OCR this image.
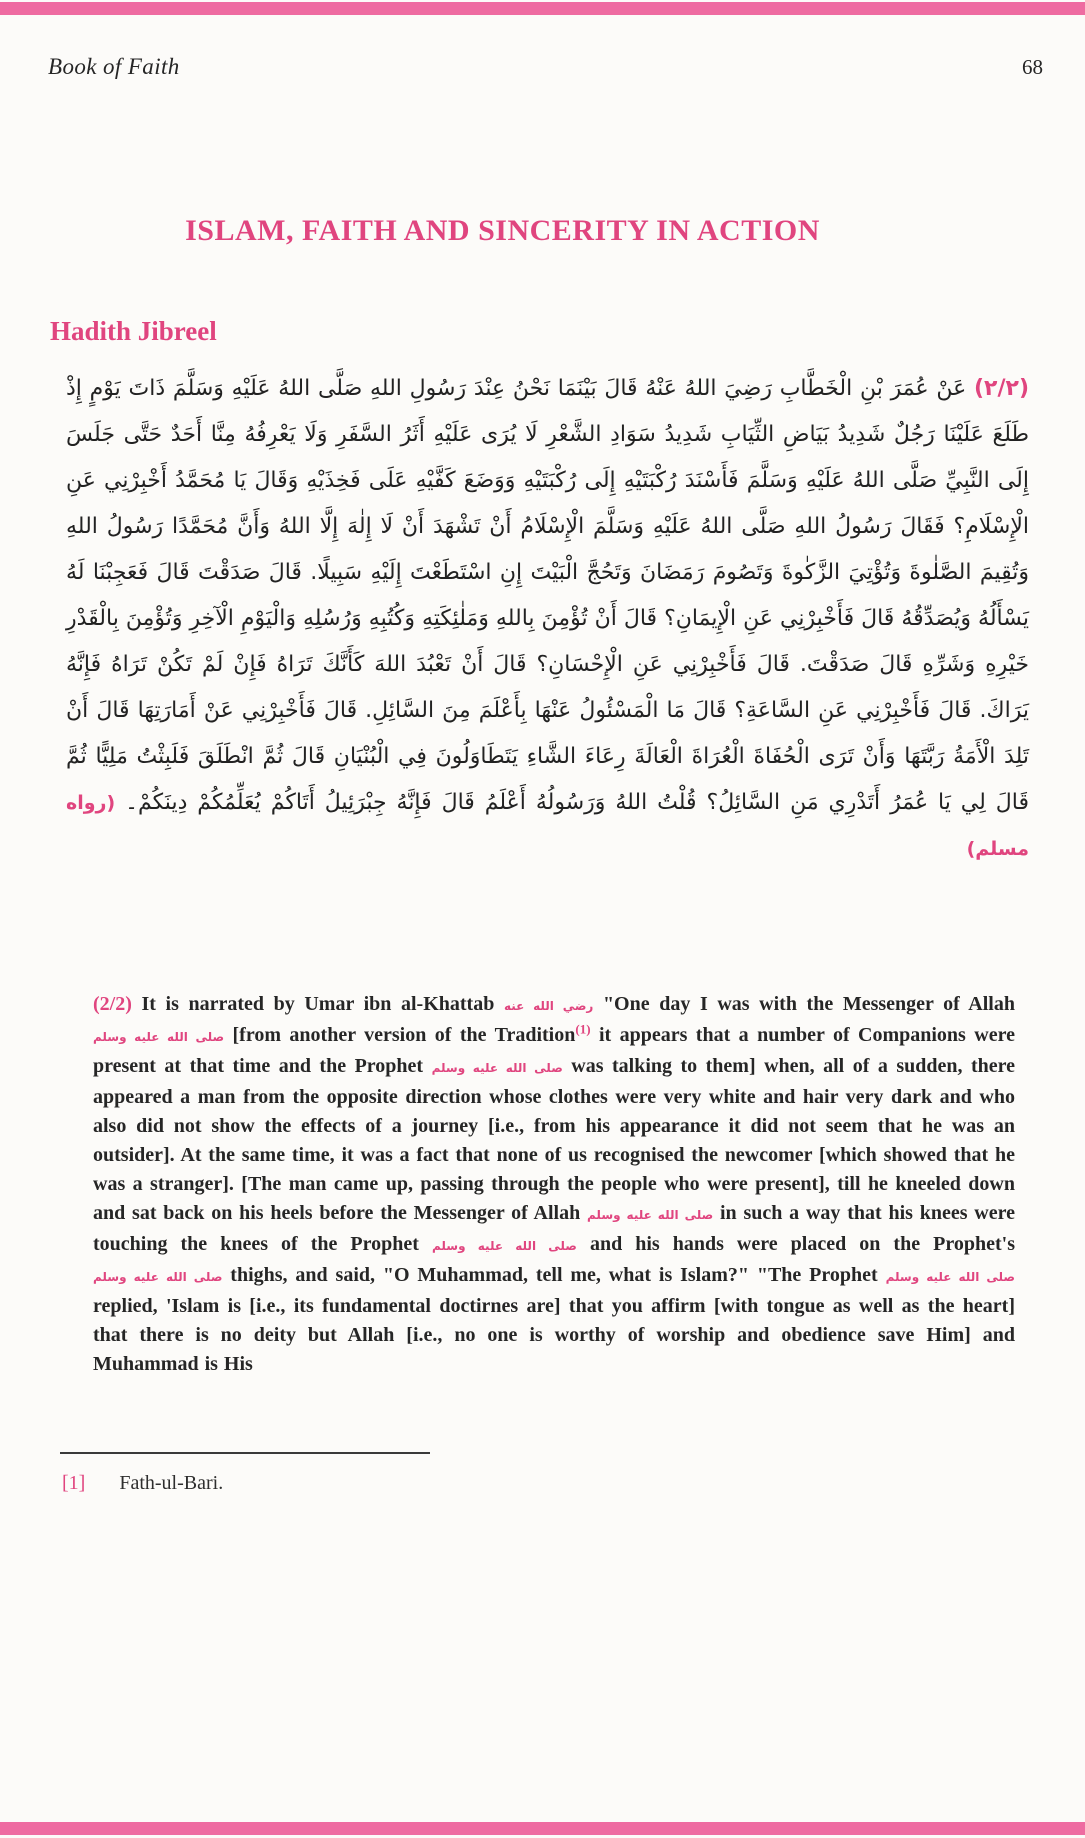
Book of Faith	68
ISLAM, FAITH AND SINCERITY IN ACTION
Hadith Jibreel

(٢/٢) عَنْ عُمَرَ بْنِ الْخَطَّابِ رَضِيَ اللهُ عَنْهُ قَالَ بَيْنَمَا نَحْنُ عِنْدَ رَسُولِ اللهِ صَلَّى اللهُ عَلَيْهِ وَسَلَّمَ ذَاتَ يَوْمٍ إِذْ طَلَعَ عَلَيْنَا رَجُلٌ شَدِيدُ بَيَاضِ الثِّيَابِ شَدِيدُ سَوَادِ الشَّعْرِ لَا يُرَى عَلَيْهِ أَثَرُ السَّفَرِ وَلَا يَعْرِفُهُ مِنَّا أَحَدٌ حَتَّى جَلَسَ إِلَى النَّبِيِّ صَلَّى اللهُ عَلَيْهِ وَسَلَّمَ فَأَسْنَدَ رُكْبَتَيْهِ إِلَى رُكْبَتَيْهِ وَوَضَعَ كَفَّيْهِ عَلَى فَخِذَيْهِ وَقَالَ يَا مُحَمَّدُ أَخْبِرْنِي عَنِ الْإِسْلَامِ؟ فَقَالَ رَسُولُ اللهِ صَلَّى اللهُ عَلَيْهِ وَسَلَّمَ الْإِسْلَامُ أَنْ تَشْهَدَ أَنْ لَا إِلٰهَ إِلَّا اللهُ وَأَنَّ مُحَمَّدًا رَسُولُ اللهِ وَتُقِيمَ الصَّلٰوةَ وَتُؤْتِيَ الزَّكٰوةَ وَتَصُومَ رَمَضَانَ وَتَحُجَّ الْبَيْتَ إِنِ اسْتَطَعْتَ إِلَيْهِ سَبِيلًا. قَالَ صَدَقْتَ قَالَ فَعَجِبْنَا لَهُ يَسْأَلُهُ وَيُصَدِّقُهُ قَالَ فَأَخْبِرْنِي عَنِ الْإِيمَانِ؟ قَالَ أَنْ تُؤْمِنَ بِاللهِ وَمَلٰئِكَتِهِ وَكُتُبِهِ وَرُسُلِهِ وَالْيَوْمِ الْآخِرِ وَتُؤْمِنَ بِالْقَدْرِ خَيْرِهِ وَشَرِّهِ قَالَ صَدَقْتَ. قَالَ فَأَخْبِرْنِي عَنِ الْإِحْسَانِ؟ قَالَ أَنْ تَعْبُدَ اللهَ كَأَنَّكَ تَرَاهُ فَإِنْ لَمْ تَكُنْ تَرَاهُ فَإِنَّهُ يَرَاكَ. قَالَ فَأَخْبِرْنِي عَنِ السَّاعَةِ؟ قَالَ مَا الْمَسْئُولُ عَنْهَا بِأَعْلَمَ مِنَ السَّائِلِ. قَالَ فَأَخْبِرْنِي عَنْ أَمَارَتِهَا قَالَ أَنْ تَلِدَ الْأَمَةُ رَبَّتَهَا وَأَنْ تَرَى الْحُفَاةَ الْعُرَاةَ الْعَالَةَ رِعَاءَ الشَّاءِ يَتَطَاوَلُونَ فِي الْبُنْيَانِ قَالَ ثُمَّ انْطَلَقَ فَلَبِثْتُ مَلِيًّا ثُمَّ قَالَ لِي يَا عُمَرُ أَتَدْرِي مَنِ السَّائِلُ؟ قُلْتُ اللهُ وَرَسُولُهُ أَعْلَمُ قَالَ فَإِنَّهُ جِبْرَئِيلُ أَتَاكُمْ يُعَلِّمُكُمْ دِينَكُمْ۔ (رواه مسلم)

(2/2) It is narrated by Umar ibn al-Khattab رضي الله عنه "One day I was with the Messenger of Allah صلى الله عليه وسلم [from another version of the Tradition$^{(1)}$ it appears that a number of Companions were present at that time and the Prophet صلى الله عليه وسلم was talking to them] when, all of a sudden, there appeared a man from the opposite direction whose clothes were very white and hair very dark and who also did not show the effects of a journey [i.e., from his appearance it did not seem that he was an outsider]. At the same time, it was a fact that none of us recognised the newcomer [which showed that he was a stranger]. [The man came up, passing through the people who were present], till he kneeled down and sat back on his heels before the Messenger of Allah صلى الله عليه وسلم in such a way that his knees were touching the knees of the Prophet صلى الله عليه وسلم and his hands were placed on the Prophet's صلى الله عليه وسلم thighs, and said, "O Muhammad, tell me, what is Islam?" "The Prophet صلى الله عليه وسلم replied, 'Islam is [i.e., its fundamental doctirnes are] that you affirm [with tongue as well as the heart] that there is no deity but Allah [i.e., no one is worthy of worship and obedience save Him] and Muhammad is His

[1] Fath-ul-Bari.
